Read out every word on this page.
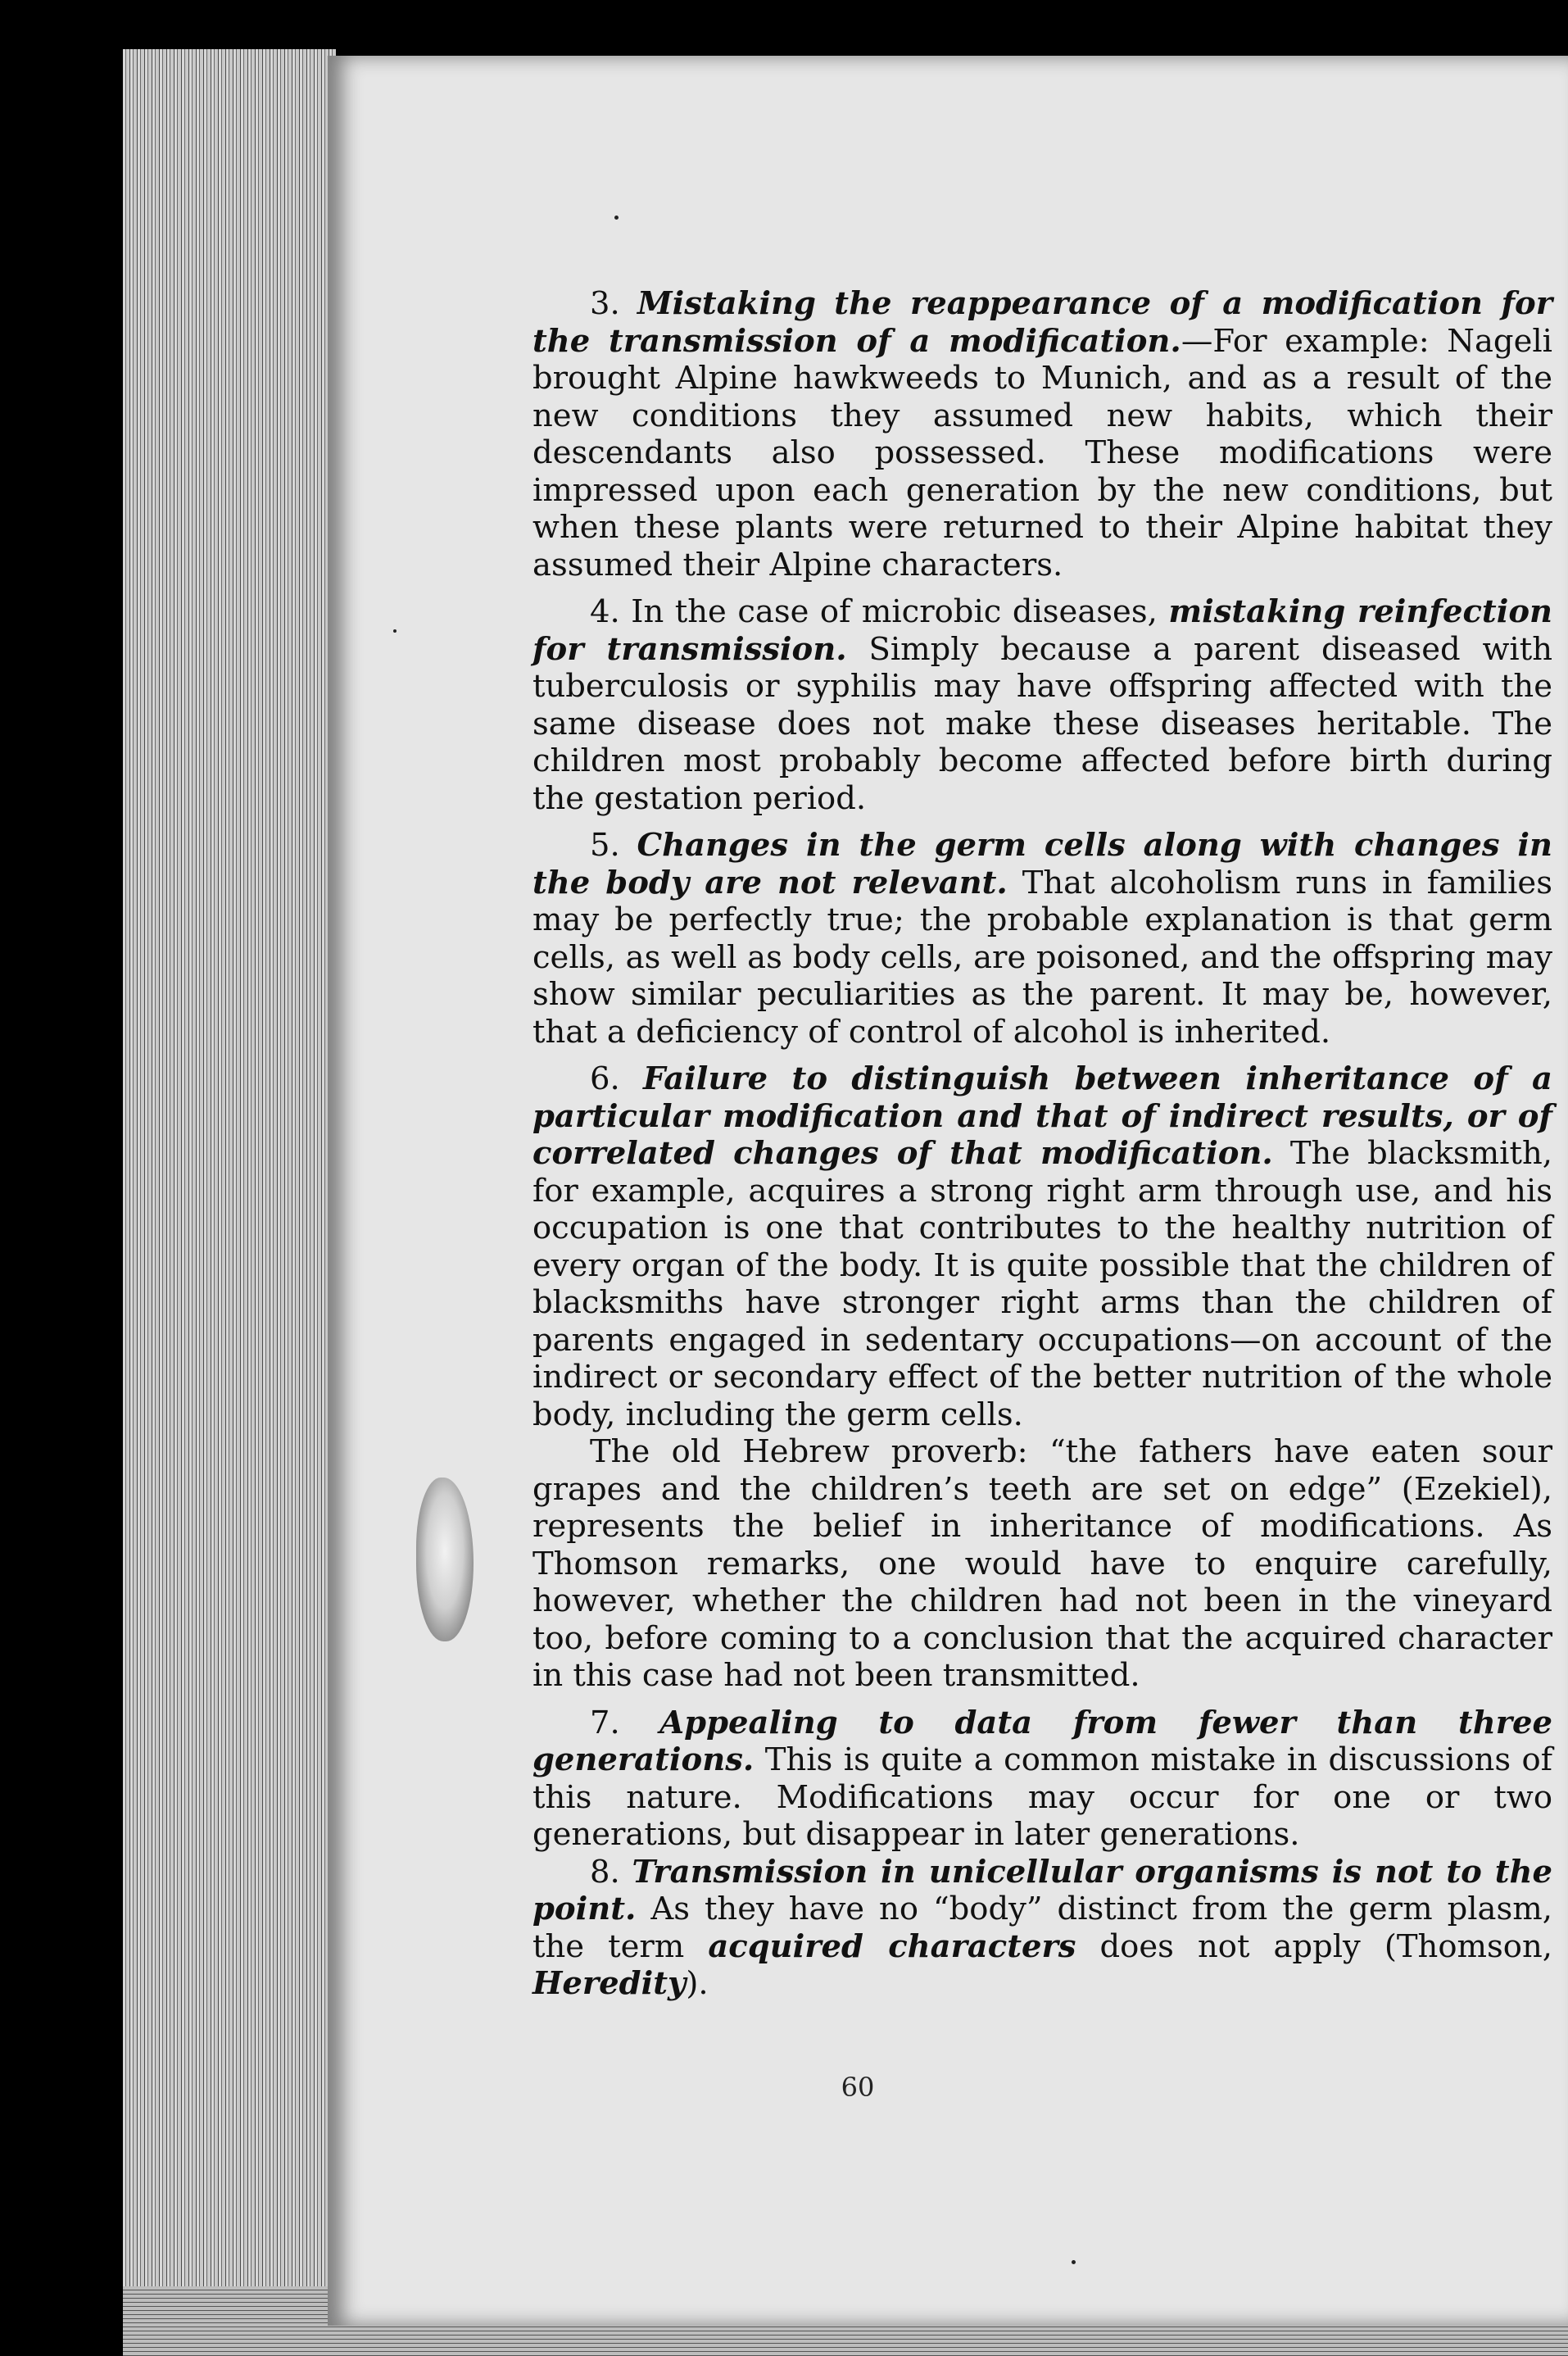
3. Mistaking the reappearance of a modification for the transmission of a modification.—For example: Nageli brought Alpine hawkweeds to Munich, and as a result of the new conditions they assumed new habits, which their descendants also possessed. These modifications were impressed upon each generation by the new conditions, but when these plants were returned to their Alpine habitat they assumed their Alpine characters.

4. In the case of microbic diseases, mistaking reinfection for transmission. Simply because a parent diseased with tuberculosis or syphilis may have offspring affected with the same disease does not make these diseases heritable. The children most probably become affected before birth during the gestation period.

5. Changes in the germ cells along with changes in the body are not relevant. That alcoholism runs in families may be perfectly true; the probable explanation is that germ cells, as well as body cells, are poisoned, and the offspring may show similar peculiarities as the parent. It may be, however, that a deficiency of control of alcohol is inherited.

6. Failure to distinguish between inheritance of a particular modification and that of indirect results, or of correlated changes of that modification. The blacksmith, for example, acquires a strong right arm through use, and his occupation is one that contributes to the healthy nutrition of every organ of the body. It is quite possible that the children of blacksmiths have stronger right arms than the children of parents engaged in sedentary occupations—on account of the indirect or secondary effect of the better nutrition of the whole body, including the germ cells.

The old Hebrew proverb: “the fathers have eaten sour grapes and the children’s teeth are set on edge” (Ezekiel), represents the belief in inheritance of modifications. As Thomson remarks, one would have to enquire carefully, however, whether the children had not been in the vineyard too, before coming to a conclusion that the acquired character in this case had not been transmitted.

7. Appealing to data from fewer than three generations. This is quite a common mistake in discussions of this nature. Modifications may occur for one or two generations, but disappear in later generations.

8. Transmission in unicellular organisms is not to the point. As they have no “body” distinct from the germ plasm, the term acquired characters does not apply (Thomson, Heredity).

60
